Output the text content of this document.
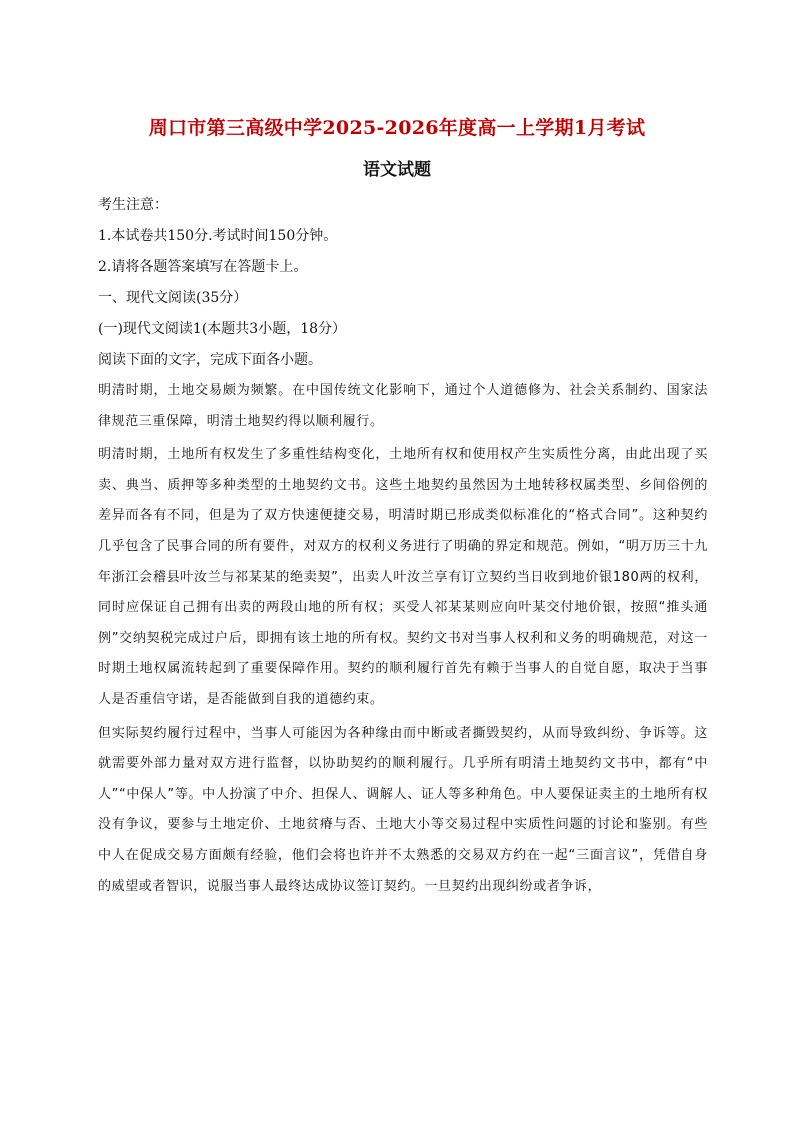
周口市第三高级中学2025-2026年度高一上学期1月考试
语文试题
考生注意：
1.本试卷共150分.考试时间150分钟。
2.请将各题答案填写在答题卡上。
一、现代文阅读(35分）
(一)现代文阅读1(本题共3小题，18分）
阅读下面的文字，完成下面各小题。

明清时期，土地交易颇为频繁。在中国传统文化影响下，通过个人道德修为、社会关系制约、国家法律规范三重保障，明清土地契约得以顺利履行。

明清时期，土地所有权发生了多重性结构变化，土地所有权和使用权产生实质性分离，由此出现了买卖、典当、质押等多种类型的土地契约文书。这些土地契约虽然因为土地转移权属类型、乡间俗例的差异而各有不同，但是为了双方快速便捷交易，明清时期已形成类似标准化的“格式合同”。这种契约几乎包含了民事合同的所有要件，对双方的权利义务进行了明确的界定和规范。例如，“明万历三十九年浙江会稽县叶汝兰与祁某某的绝卖契”，出卖人叶汝兰享有订立契约当日收到地价银180两的权利，同时应保证自己拥有出卖的两段山地的所有权；买受人祁某某则应向叶某交付地价银，按照“推头通例”交纳契税完成过户后，即拥有该土地的所有权。契约文书对当事人权利和义务的明确规范，对这一时期土地权属流转起到了重要保障作用。契约的顺利履行首先有赖于当事人的自觉自愿，取决于当事人是否重信守诺，是否能做到自我的道德约束。

但实际契约履行过程中，当事人可能因为各种缘由而中断或者撕毁契约，从而导致纠纷、争诉等。这就需要外部力量对双方进行监督，以协助契约的顺利履行。几乎所有明清土地契约文书中，都有“中人”“中保人”等。中人扮演了中介、担保人、调解人、证人等多种角色。中人要保证卖主的土地所有权没有争议，要参与土地定价、土地贫瘠与否、土地大小等交易过程中实质性问题的讨论和鉴别。有些中人在促成交易方面颇有经验，他们会将也许并不太熟悉的交易双方约在一起“三面言议”，凭借自身的威望或者智识，说服当事人最终达成协议签订契约。一旦契约出现纠纷或者争诉，
